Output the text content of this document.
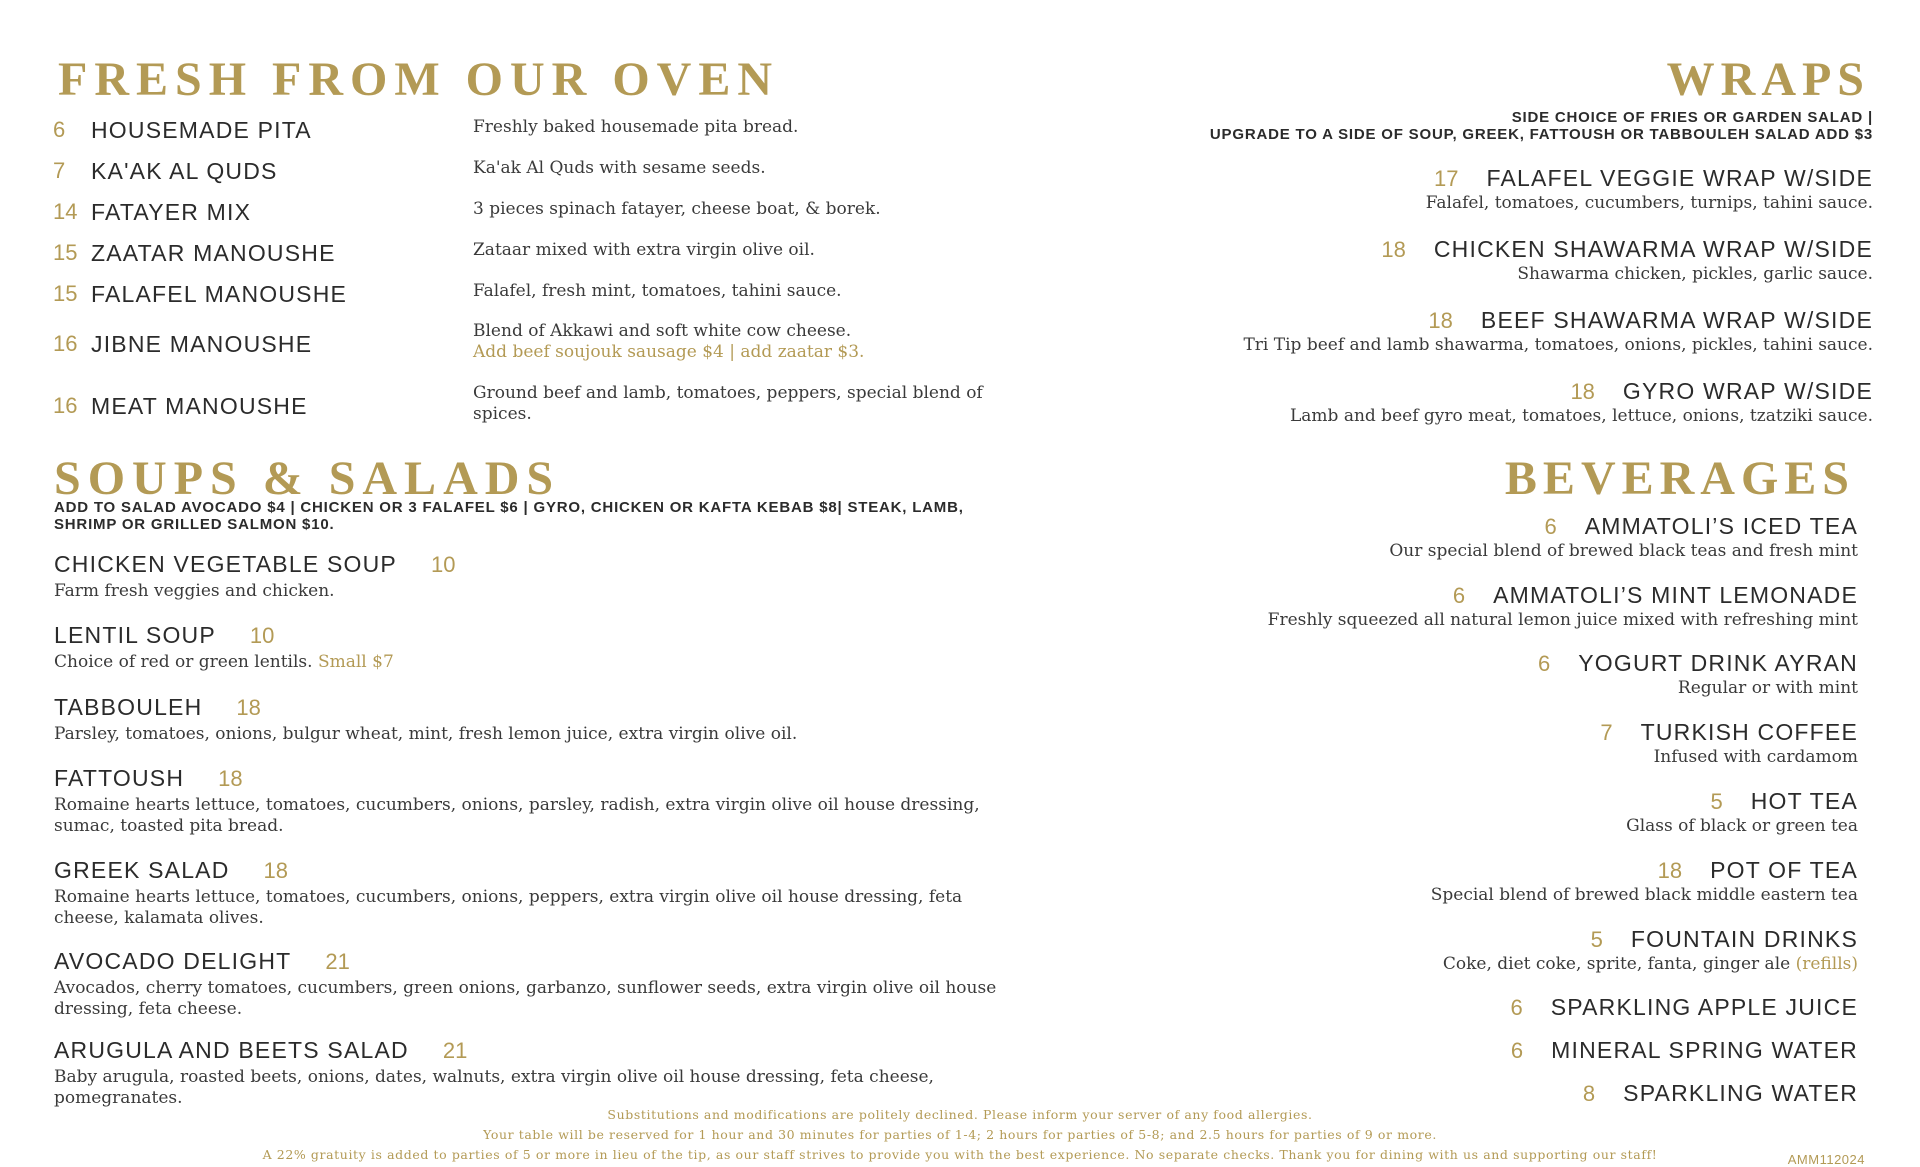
FRESH FROM OUR OVEN
6 HOUSEMADE PITA	Freshly baked housemade pita bread.
7 KA'AK AL QUDS	Ka'ak Al Quds with sesame seeds.
14 FATAYER MIX	3 pieces spinach fatayer, cheese boat, & borek.
15 ZAATAR MANOUSHE	Zataar mixed with extra virgin olive oil.
15 FALAFEL MANOUSHE	Falafel, fresh mint, tomatoes, tahini sauce.
16 JIBNE MANOUSHE	Blend of Akkawi and soft white cow cheese.
Add beef soujouk sausage $4 | add zaatar $3.
16 MEAT MANOUSHE	Ground beef and lamb, tomatoes, peppers, special blend of spices.
SOUPS & SALADS
ADD TO SALAD AVOCADO $4 | CHICKEN OR 3 FALAFEL $6 | GYRO, CHICKEN OR KAFTA KEBAB $8| STEAK, LAMB, SHRIMP OR GRILLED SALMON $10.
CHICKEN VEGETABLE SOUP 10
Farm fresh veggies and chicken.
LENTIL SOUP 10
Choice of red or green lentils. Small $7
TABBOULEH 18
Parsley, tomatoes, onions, bulgur wheat, mint, fresh lemon juice, extra virgin olive oil.
FATTOUSH 18
Romaine hearts lettuce, tomatoes, cucumbers, onions, parsley, radish, extra virgin olive oil house dressing, sumac, toasted pita bread.
GREEK SALAD 18
Romaine hearts lettuce, tomatoes, cucumbers, onions, peppers, extra virgin olive oil house dressing, feta cheese, kalamata olives.
AVOCADO DELIGHT 21
Avocados, cherry tomatoes, cucumbers, green onions, garbanzo, sunflower seeds, extra virgin olive oil house dressing, feta cheese.
ARUGULA AND BEETS SALAD 21
Baby arugula, roasted beets, onions, dates, walnuts, extra virgin olive oil house dressing, feta cheese, pomegranates.
WRAPS
SIDE CHOICE OF FRIES OR GARDEN SALAD |
UPGRADE TO A SIDE OF SOUP, GREEK, FATTOUSH OR TABBOULEH SALAD ADD $3
17 FALAFEL VEGGIE WRAP W/SIDE
Falafel, tomatoes, cucumbers, turnips, tahini sauce.
18 CHICKEN SHAWARMA WRAP W/SIDE
Shawarma chicken, pickles, garlic sauce.
18 BEEF SHAWARMA WRAP W/SIDE
Tri Tip beef and lamb shawarma, tomatoes, onions, pickles, tahini sauce.
18 GYRO WRAP W/SIDE
Lamb and beef gyro meat, tomatoes, lettuce, onions, tzatziki sauce.
BEVERAGES
6 AMMATOLI’S ICED TEA
Our special blend of brewed black teas and fresh mint
6 AMMATOLI’S MINT LEMONADE
Freshly squeezed all natural lemon juice mixed with refreshing mint
6 YOGURT DRINK AYRAN
Regular or with mint
7 TURKISH COFFEE
Infused with cardamom
5 HOT TEA
Glass of black or green tea
18 POT OF TEA
Special blend of brewed black middle eastern tea
5 FOUNTAIN DRINKS
Coke, diet coke, sprite, fanta, ginger ale (refills)
6 SPARKLING APPLE JUICE
6 MINERAL SPRING WATER
8 SPARKLING WATER
Substitutions and modifications are politely declined. Please inform your server of any food allergies.
Your table will be reserved for 1 hour and 30 minutes for parties of 1-4; 2 hours for parties of 5-8; and 2.5 hours for parties of 9 or more.
A 22% gratuity is added to parties of 5 or more in lieu of the tip, as our staff strives to provide you with the best experience. No separate checks. Thank you for dining with us and supporting our staff!	AMM112024
